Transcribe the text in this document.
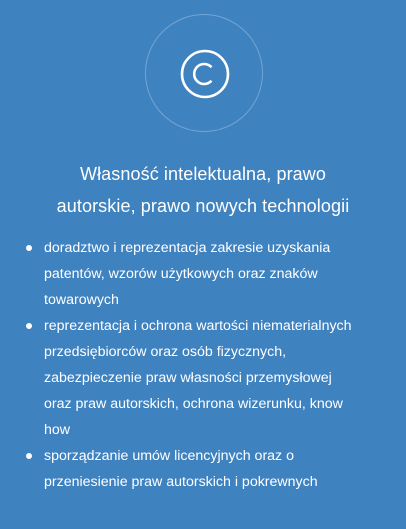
Własność intelektualna, prawo
autorskie, prawo nowych technologii
doradztwo i reprezentacja zakresie uzyskania
patentów, wzorów użytkowych oraz znaków
towarowych
reprezentacja i ochrona wartości niematerialnych
przedsiębiorców oraz osób fizycznych,
zabezpieczenie praw własności przemysłowej
oraz praw autorskich, ochrona wizerunku, know
how
sporządzanie umów licencyjnych oraz o
przeniesienie praw autorskich i pokrewnych
